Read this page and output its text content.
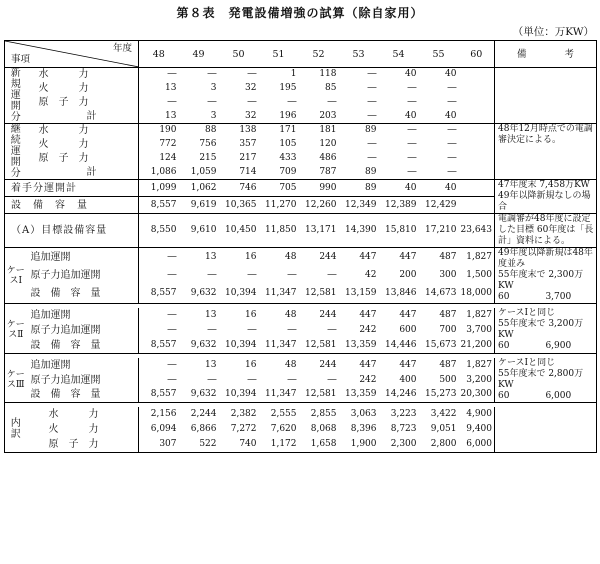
第８表　発電設備増強の試算（除自家用）
（単位：万KW）
年度
事項		48	49	50	51	52	53	54	55	60	備　　　　考
新規運開分	水　　　力	―	―	―	1	118	―	40	40		
	火　　　力	13	3	32	195	85	―	―	―		
	原　子　力	―	―	―	―	―	―	―	―		
	計	13	3	32	196	203	―	40	40		
継続運開分	水　　　力	190	88	138	171	181	89	―	―		48年12月時点での電調審決定による。

	火　　　力	772	756	357	105	120	―	―	―		
	原　子　力	124	215	217	433	486	―	―	―		
	計	1,086	1,059	714	709	787	89	―	―		
着手分運開計		1,099	1,062	746	705	990	89	40	40		47年度末 7,458万KW
49年以降新規なしの場合

設　備　容　量		8,557	9,619	10,365	11,270	12,260	12,349	12,389	12,429		
（A）目標設備容量		8,550	9,610	10,450	11,850	13,171	14,390	15,810	17,210	23,643	電調審が48年度に設定した目標 60年度は「長計」資料による。

ケースⅠ	追加運開	―	13	16	48	244	447	447	487	1,827	49年度以降新規は48年度並み
55年度末で 2,300万KW
60　　　　3,700

	原子力追加運開	―	―	―	―	―	42	200	300	1,500	
	設　備　容　量	8,557	9,632	10,394	11,347	12,581	13,159	13,846	14,673	18,000	

ケースⅡ	追加運開	―	13	16	48	244	447	447	487	1,827	ケースⅠと同じ
55年度末で 3,200万KW
60　　　　6,900

	原子力追加運開	―	―	―	―	―	242	600	700	3,700	
	設　備　容　量	8,557	9,632	10,394	11,347	12,581	13,359	14,446	15,673	21,200	

ケースⅢ	追加運開	―	13	16	48	244	447	447	487	1,827	ケースⅠと同じ
55年度末で 2,800万KW
60　　　　6,000

	原子力追加運開	―	―	―	―	―	242	400	500	3,200	
	設　備　容　量	8,557	9,632	10,394	11,347	12,581	13,359	14,246	15,273	20,300	

内訳	水　　　力	2,156	2,244	2,382	2,555	2,855	3,063	3,223	3,422	4,900	
	火　　　力	6,094	6,866	7,272	7,620	8,068	8,396	8,723	9,051	9,400	
	原　子　力	307	522	740	1,172	1,658	1,900	2,300	2,800	6,000	
